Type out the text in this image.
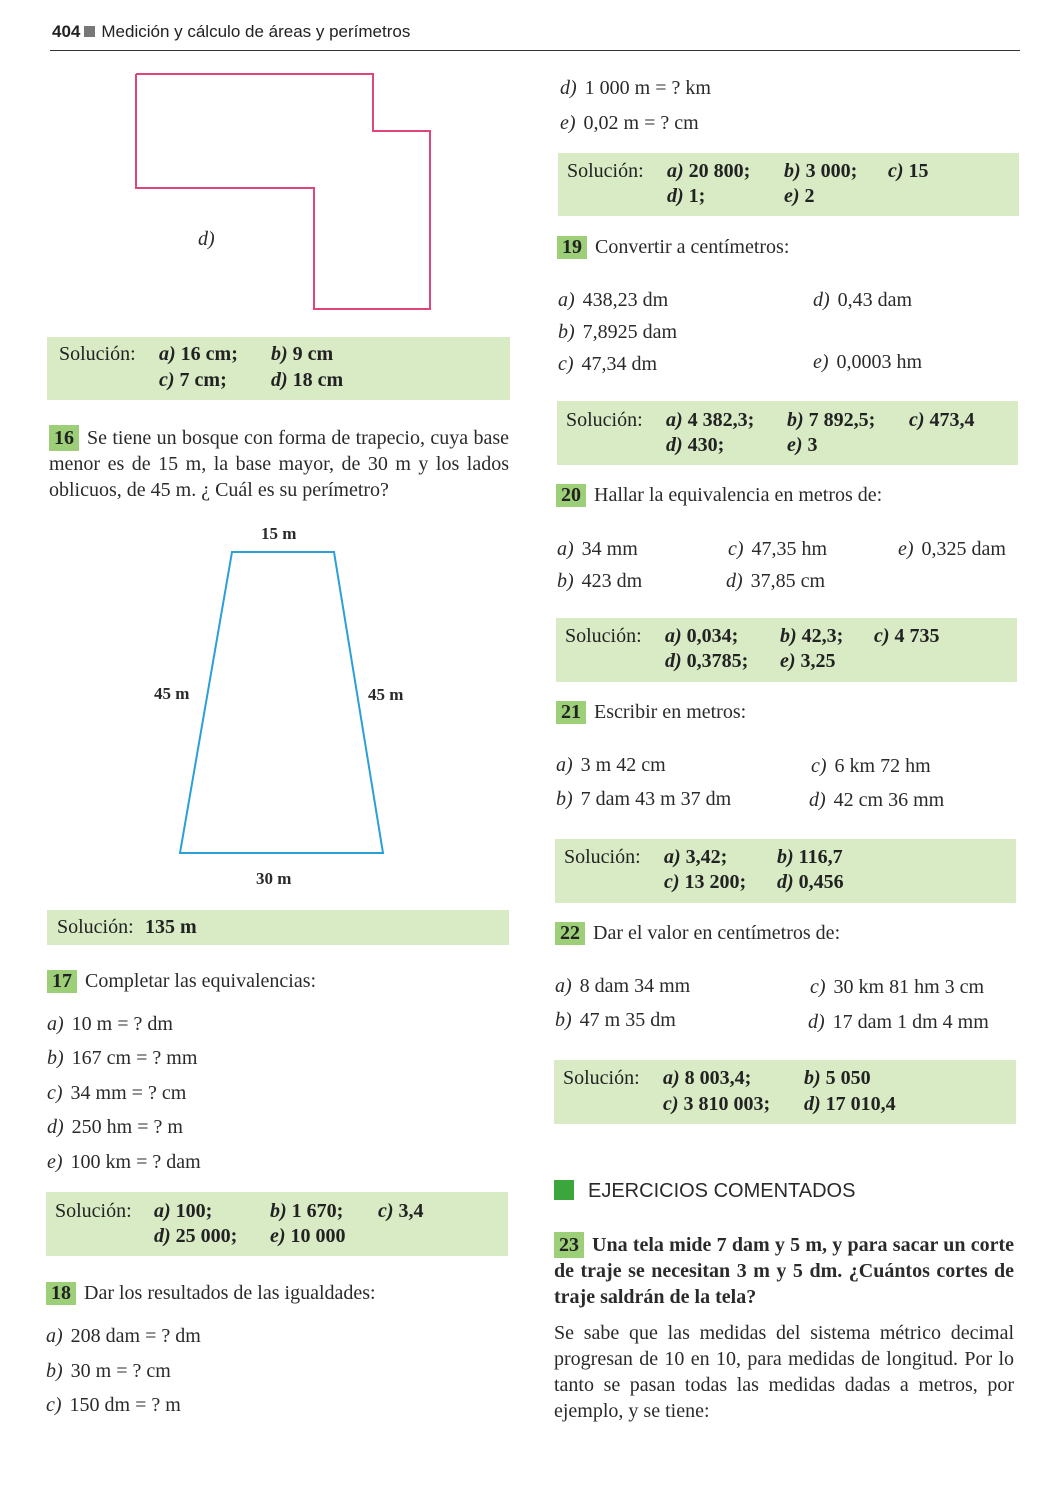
404 Medición y cálculo de áreas y perímetros
d)
Solución: a) 16 cm; b) 9 cm
c) 7 cm; d) 18 cm
16 Se tiene un bosque con forma de trapecio, cuya base menor es de 15 m, la base mayor, de 30 m y los lados oblicuos, de 45 m. ¿ Cuál es su perímetro?
15 m
45 m	45 m
30 m
Solución: 135 m
17 Completar las equivalencias:
a) 10 m = ? dm
b) 167 cm = ? mm
c) 34 mm = ? cm
d) 250 hm = ? m
e) 100 km = ? dam
Solución: a) 100;	b) 1 670; c) 3,4
d) 25 000; e) 10 000
18 Dar los resultados de las igualdades:
a) 208 dam = ? dm
b) 30 m = ? cm
c) 150 dm = ? m
d) 1 000 m = ? km
e) 0,02 m = ? cm
Solución: a) 20 800; b) 3 000; c) 15
d) 1;	e) 2
19 Convertir a centímetros:
a) 438,23 dm	d) 0,43 dam
b) 7,8925 dam
c) 47,34 dm	e) 0,0003 hm
Solución: a) 4 382,3; b) 7 892,5; c) 473,4
d) 430;	e) 3
20 Hallar la equivalencia en metros de:
a) 34 mm	c) 47,35 hm	e) 0,325 dam
b) 423 dm	d) 37,85 cm
Solución: a) 0,034; b) 42,3; c) 4 735
d) 0,3785; e) 3,25
21 Escribir en metros:
a) 3 m 42 cm	c) 6 km 72 hm
b) 7 dam 43 m 37 dm	d) 42 cm 36 mm
Solución: a) 3,42; b) 116,7
c) 13 200; d) 0,456
22 Dar el valor en centímetros de:
a) 8 dam 34 mm	c) 30 km 81 hm 3 cm
b) 47 m 35 dm	d) 17 dam 1 dm 4 mm
Solución: a) 8 003,4;	b) 5 050
c) 3 810 003; d) 17 010,4
EJERCICIOS COMENTADOS
23 Una tela mide 7 dam y 5 m, y para sacar un corte de traje se necesitan 3 m y 5 dm. ¿Cuántos cortes de traje saldrán de la tela?
Se sabe que las medidas del sistema métrico decimal progresan de 10 en 10, para medidas de longitud. Por lo tanto se pasan todas las medidas dadas a metros, por ejemplo, y se tiene:
